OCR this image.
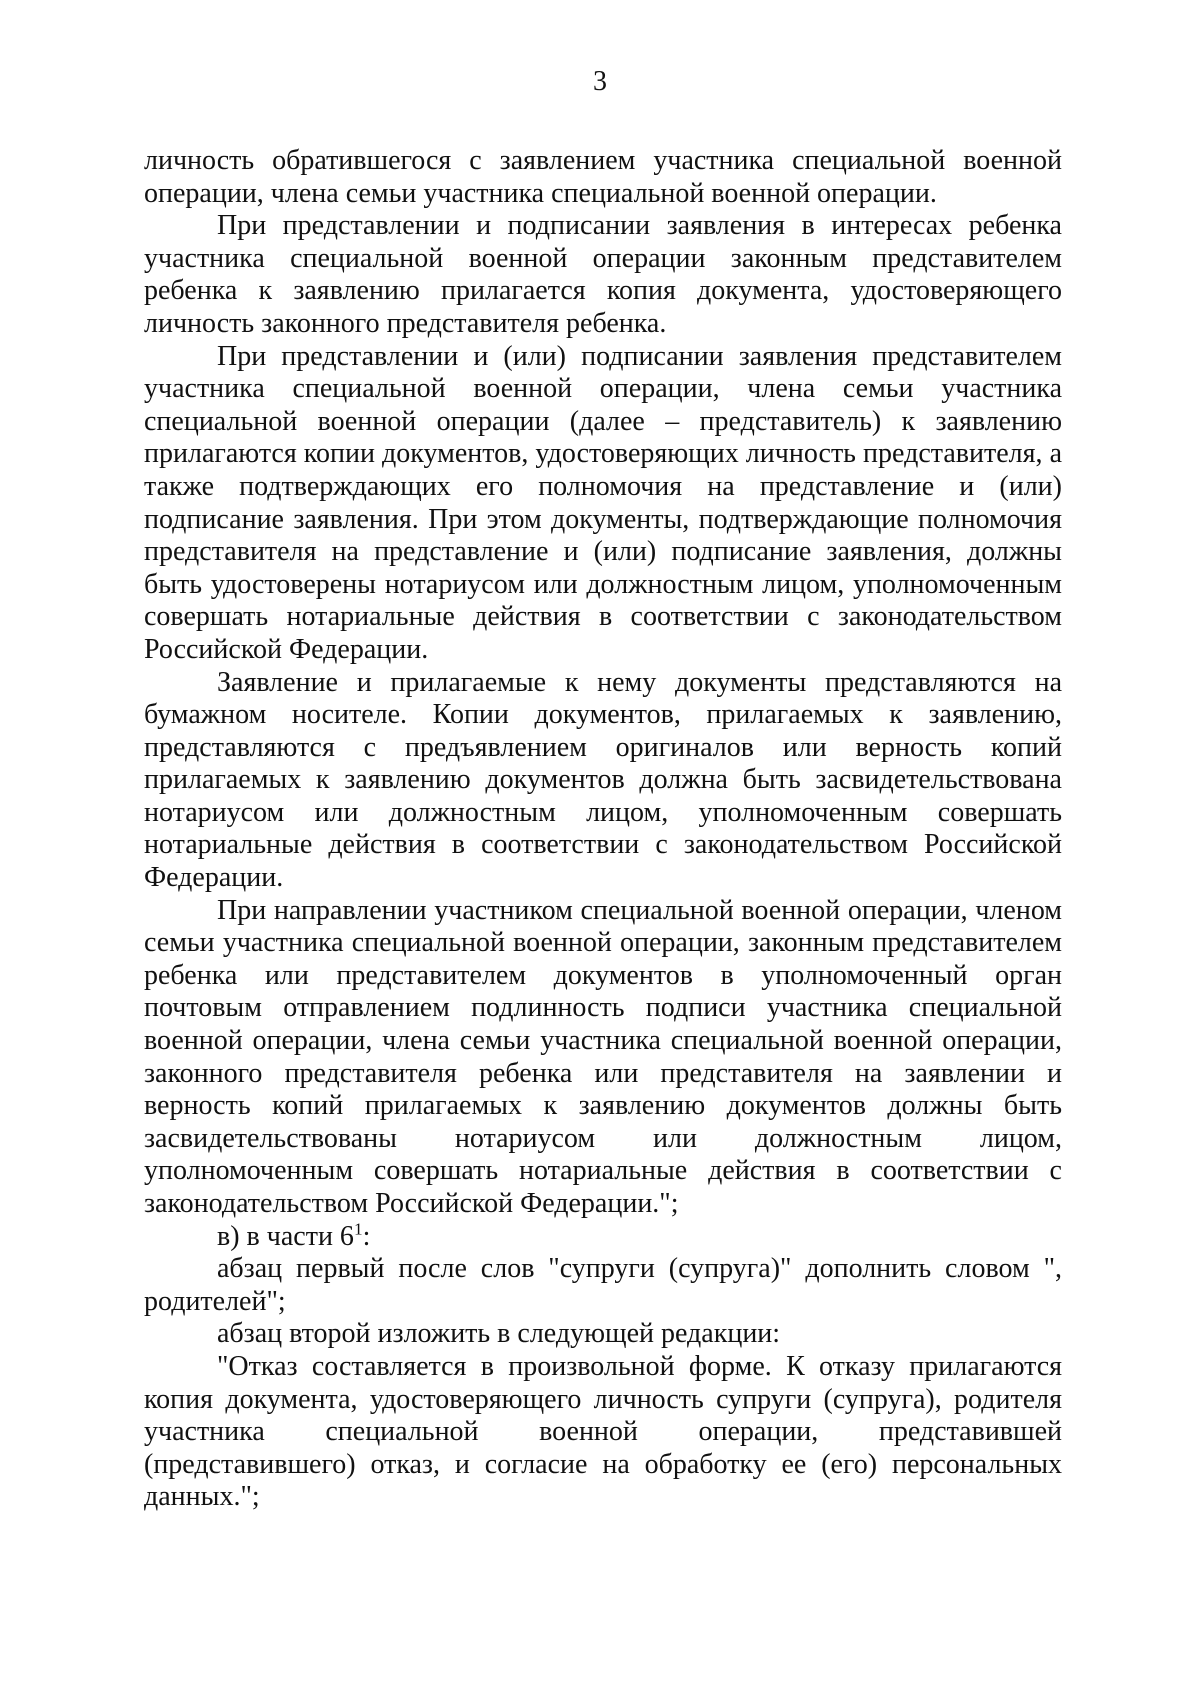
3

личность обратившегося с заявлением участника специальной военной операции, члена семьи участника специальной военной операции.

При представлении и подписании заявления в интересах ребенка участника специальной военной операции законным представителем ребенка к заявлению прилагается копия документа, удостоверяющего личность законного представителя ребенка.

При представлении и (или) подписании заявления представителем участника специальной военной операции, члена семьи участника специальной военной операции (далее – представитель) к заявлению прилагаются копии документов, удостоверяющих личность представителя, а также подтверждающих его полномочия на представление и (или) подписание заявления. При этом документы, подтверждающие полномочия представителя на представление и (или) подписание заявления, должны быть удостоверены нотариусом или должностным лицом, уполномоченным совершать нотариальные действия в соответствии с законодательством Российской Федерации.

Заявление и прилагаемые к нему документы представляются на бумажном носителе. Копии документов, прилагаемых к заявлению, представляются с предъявлением оригиналов или верность копий прилагаемых к заявлению документов должна быть засвидетельствована нотариусом или должностным лицом, уполномоченным совершать нотариальные действия в соответствии с законодательством Российской Федерации.

При направлении участником специальной военной операции, членом семьи участника специальной военной операции, законным представителем ребенка или представителем документов в уполномоченный орган почтовым отправлением подлинность подписи участника специальной военной операции, члена семьи участника специальной военной операции, законного представителя ребенка или представителя на заявлении и верность копий прилагаемых к заявлению документов должны быть засвидетельствованы нотариусом или должностным лицом, уполномоченным совершать нотариальные действия в соответствии с законодательством Российской Федерации.";

в) в части $6^1$:

абзац первый после слов "супруги (супруга)" дополнить словом ", родителей";

абзац второй изложить в следующей редакции:

"Отказ составляется в произвольной форме. К отказу прилагаются копия документа, удостоверяющего личность супруги (супруга), родителя участника специальной военной операции, представившей (представившего) отказ, и согласие на обработку ее (его) персональных данных.";
